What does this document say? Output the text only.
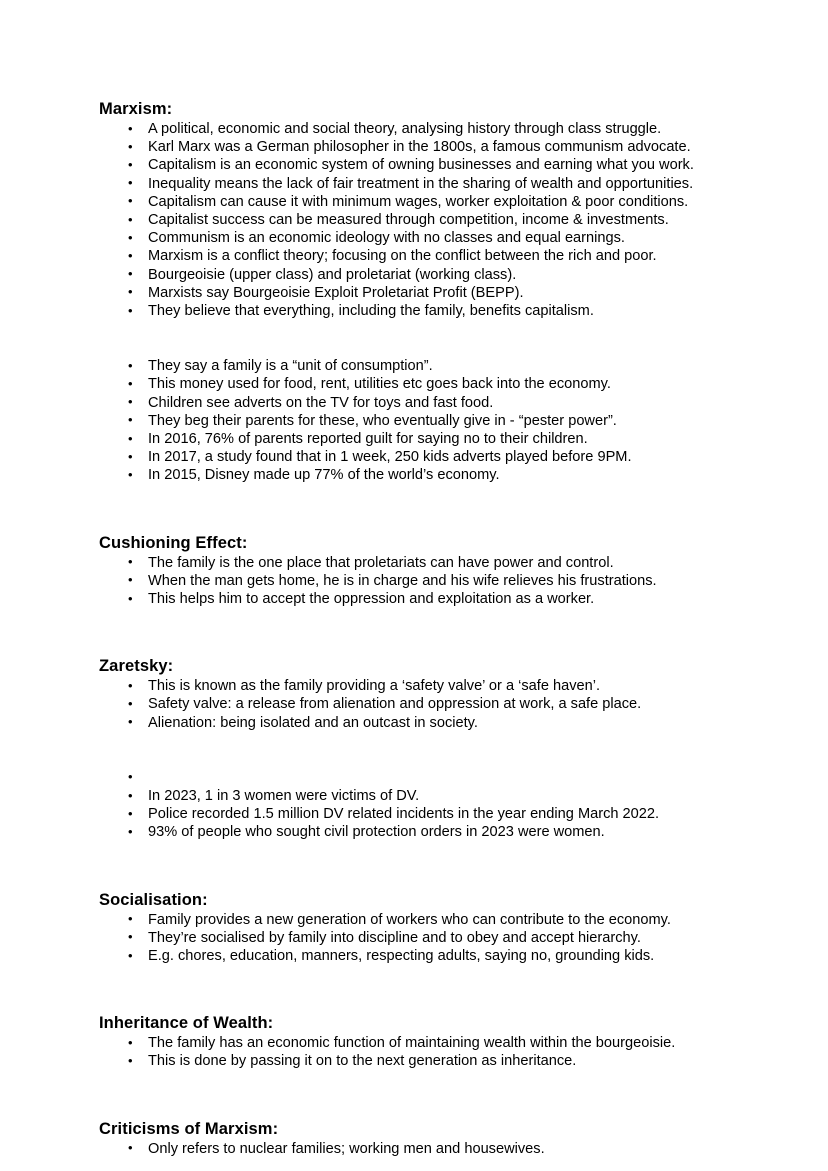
Marxism:
• A political, economic and social theory, analysing history through class struggle.
• Karl Marx was a German philosopher in the 1800s, a famous communism advocate.
• Capitalism is an economic system of owning businesses and earning what you work.
• Inequality means the lack of fair treatment in the sharing of wealth and opportunities.
• Capitalism can cause it with minimum wages, worker exploitation & poor conditions.
• Capitalist success can be measured through competition, income & investments.
• Communism is an economic ideology with no classes and equal earnings.
• Marxism is a conflict theory; focusing on the conflict between the rich and poor.
• Bourgeoisie (upper class) and proletariat (working class).
• Marxists say Bourgeoisie Exploit Proletariat Profit (BEPP).
• They believe that everything, including the family, benefits capitalism.
• They say a family is a “unit of consumption”.
• This money used for food, rent, utilities etc goes back into the economy.
• Children see adverts on the TV for toys and fast food.
• They beg their parents for these, who eventually give in - “pester power”.
• In 2016, 76% of parents reported guilt for saying no to their children.
• In 2017, a study found that in 1 week, 250 kids adverts played before 9PM.
• In 2015, Disney made up 77% of the world’s economy.
Cushioning Effect:
• The family is the one place that proletariats can have power and control.
• When the man gets home, he is in charge and his wife relieves his frustrations.
• This helps him to accept the oppression and exploitation as a worker.
Zaretsky:
• This is known as the family providing a ‘safety valve’ or a ‘safe haven’.
• Safety valve: a release from alienation and oppression at work, a safe place.
• Alienation: being isolated and an outcast in society.
•
• In 2023, 1 in 3 women were victims of DV.
• Police recorded 1.5 million DV related incidents in the year ending March 2022.
• 93% of people who sought civil protection orders in 2023 were women.
Socialisation:
• Family provides a new generation of workers who can contribute to the economy.
• They’re socialised by family into discipline and to obey and accept hierarchy.
• E.g. chores, education, manners, respecting adults, saying no, grounding kids.
Inheritance of Wealth:
• The family has an economic function of maintaining wealth within the bourgeoisie.
• This is done by passing it on to the next generation as inheritance.
Criticisms of Marxism:
• Only refers to nuclear families; working men and housewives.
